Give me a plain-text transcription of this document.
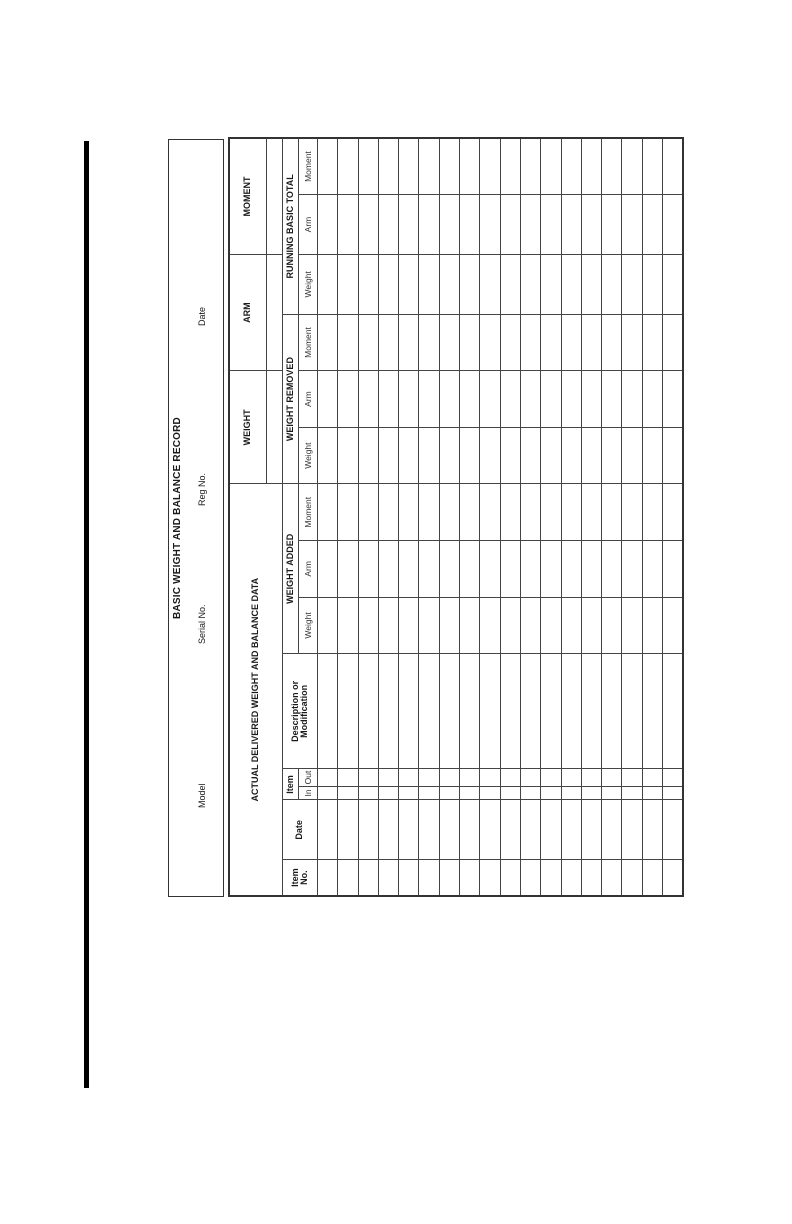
BASIC WEIGHT AND BALANCE RECORD
Model
Serial No.
Reg No.
Date
ACTUAL DELIVERED WEIGHT AND BALANCE DATA								WEIGHT		ARM		MOMENT	

Item No.	Date	Item		Description or Modification	WEIGHT ADDED			WEIGHT REMOVED			RUNNING BASIC TOTAL		
		In	Out		Weight	Arm	Moment	Weight	Arm	Moment	Weight	Arm	Moment
